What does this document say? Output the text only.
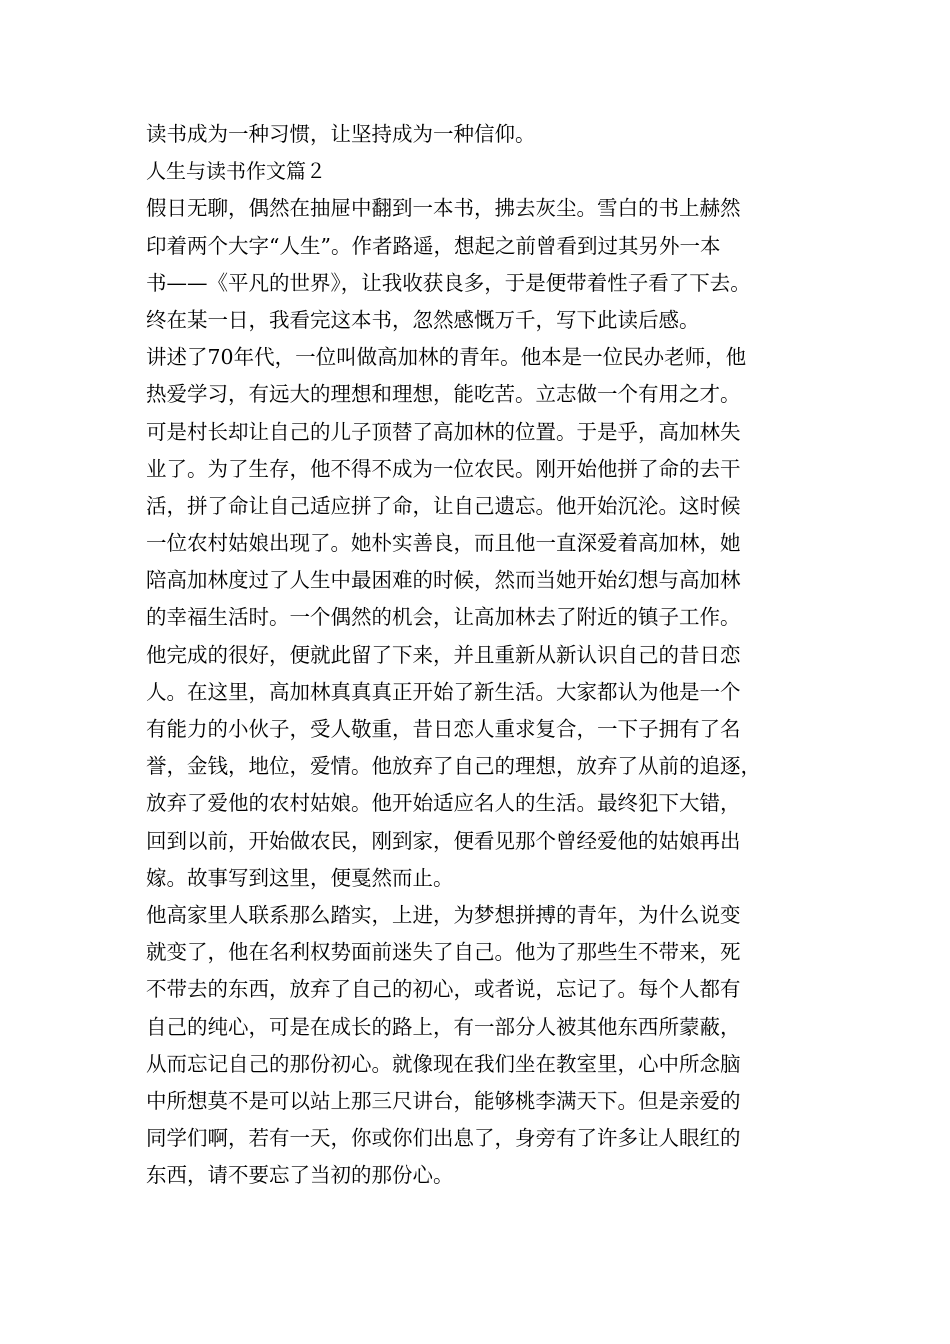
读书成为一种习惯，让坚持成为一种信仰。
人生与读书作文篇２
假日无聊，偶然在抽屉中翻到一本书，拂去灰尘。雪白的书上赫然
印着两个大字“人生”。作者路遥，想起之前曾看到过其另外一本
书——《平凡的世界》，让我收获良多，于是便带着性子看了下去。
终在某一日，我看完这本书，忽然感慨万千，写下此读后感。
讲述了70年代，一位叫做高加林的青年。他本是一位民办老师，他
热爱学习，有远大的理想和理想，能吃苦。立志做一个有用之才。
可是村长却让自己的儿子顶替了高加林的位置。于是乎，高加林失
业了。为了生存，他不得不成为一位农民。刚开始他拼了命的去干
活，拼了命让自己适应拼了命，让自己遗忘。他开始沉沦。这时候
一位农村姑娘出现了。她朴实善良，而且他一直深爱着高加林，她
陪高加林度过了人生中最困难的时候，然而当她开始幻想与高加林
的幸福生活时。一个偶然的机会，让高加林去了附近的镇子工作。
他完成的很好，便就此留了下来，并且重新从新认识自己的昔日恋
人。在这里，高加林真真真正开始了新生活。大家都认为他是一个
有能力的小伙子，受人敬重，昔日恋人重求复合，一下子拥有了名
誉，金钱，地位，爱情。他放弃了自己的理想，放弃了从前的追逐，
放弃了爱他的农村姑娘。他开始适应名人的生活。最终犯下大错，
回到以前，开始做农民，刚到家，便看见那个曾经爱他的姑娘再出
嫁。故事写到这里，便戛然而止。
他高家里人联系那么踏实，上进，为梦想拼搏的青年，为什么说变
就变了，他在名利权势面前迷失了自己。他为了那些生不带来，死
不带去的东西，放弃了自己的初心，或者说，忘记了。每个人都有
自己的纯心，可是在成长的路上，有一部分人被其他东西所蒙蔽，
从而忘记自己的那份初心。就像现在我们坐在教室里，心中所念脑
中所想莫不是可以站上那三尺讲台，能够桃李满天下。但是亲爱的
同学们啊，若有一天，你或你们出息了，身旁有了许多让人眼红的
东西，请不要忘了当初的那份心。
